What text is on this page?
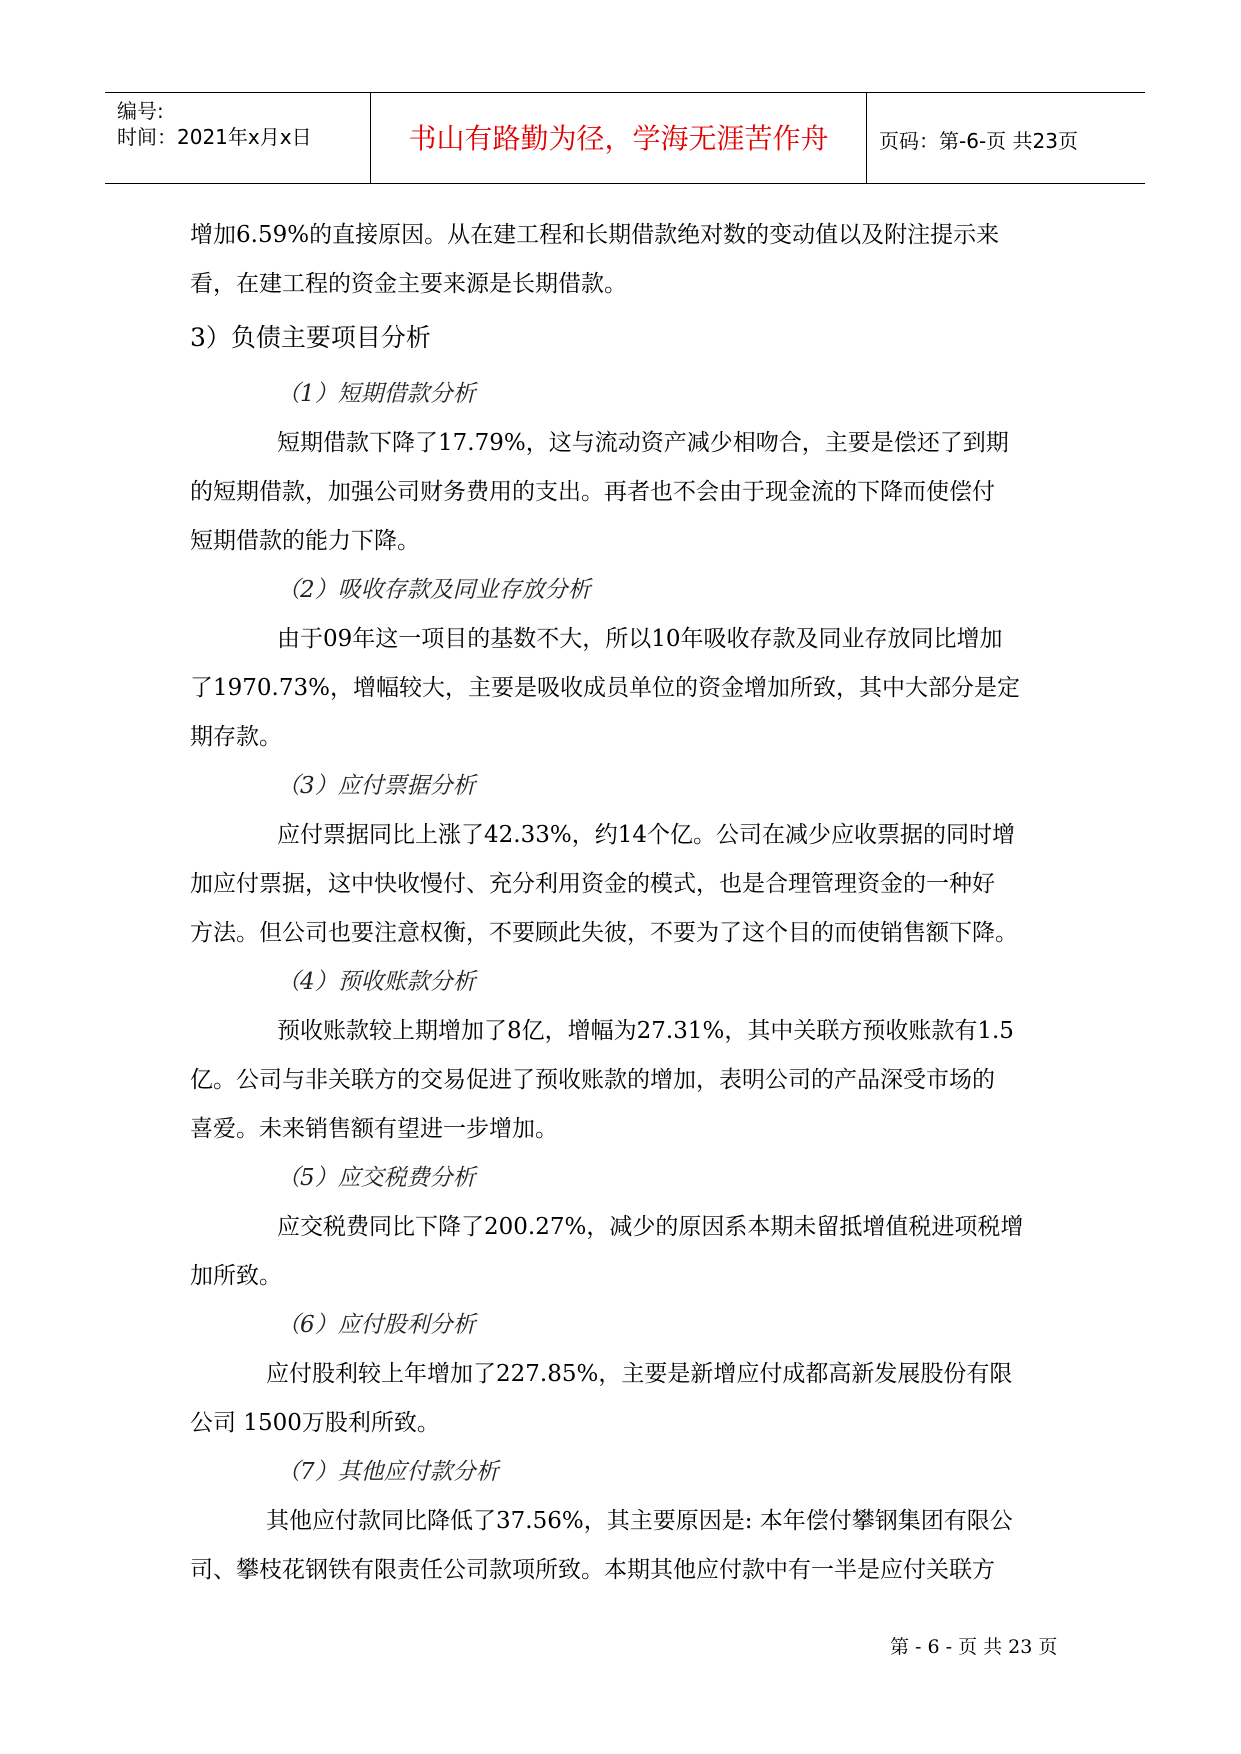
编号:
时间：2021年x月x日	书山有路勤为径，学海无涯苦作舟	页码：第-6-页 共23页

增加6.59%的直接原因。从在建工程和长期借款绝对数的变动值以及附注提示来

看，在建工程的资金主要来源是长期借款。

3）负债主要项目分析

（1）短期借款分析

短期借款下降了17.79%，这与流动资产减少相吻合，主要是偿还了到期

的短期借款，加强公司财务费用的支出。再者也不会由于现金流的下降而使偿付

短期借款的能力下降。

（2）吸收存款及同业存放分析

由于09年这一项目的基数不大，所以10年吸收存款及同业存放同比增加

了1970.73%，增幅较大，主要是吸收成员单位的资金增加所致，其中大部分是定

期存款。

（3）应付票据分析

应付票据同比上涨了42.33%，约14个亿。公司在减少应收票据的同时增

加应付票据，这中快收慢付、充分利用资金的模式，也是合理管理资金的一种好

方法。但公司也要注意权衡，不要顾此失彼，不要为了这个目的而使销售额下降。

（4）预收账款分析

预收账款较上期增加了8亿，增幅为27.31%，其中关联方预收账款有1.5

亿。公司与非关联方的交易促进了预收账款的增加，表明公司的产品深受市场的

喜爱。未来销售额有望进一步增加。

（5）应交税费分析

应交税费同比下降了200.27%，减少的原因系本期未留抵增值税进项税增

加所致。

（6）应付股利分析

应付股利较上年增加了227.85%，主要是新增应付成都高新发展股份有限

公司 1500万股利所致。

（7）其他应付款分析

其他应付款同比降低了37.56%，其主要原因是: 本年偿付攀钢集团有限公

司、攀枝花钢铁有限责任公司款项所致。本期其他应付款中有一半是应付关联方

第 - 6 - 页 共 23 页
